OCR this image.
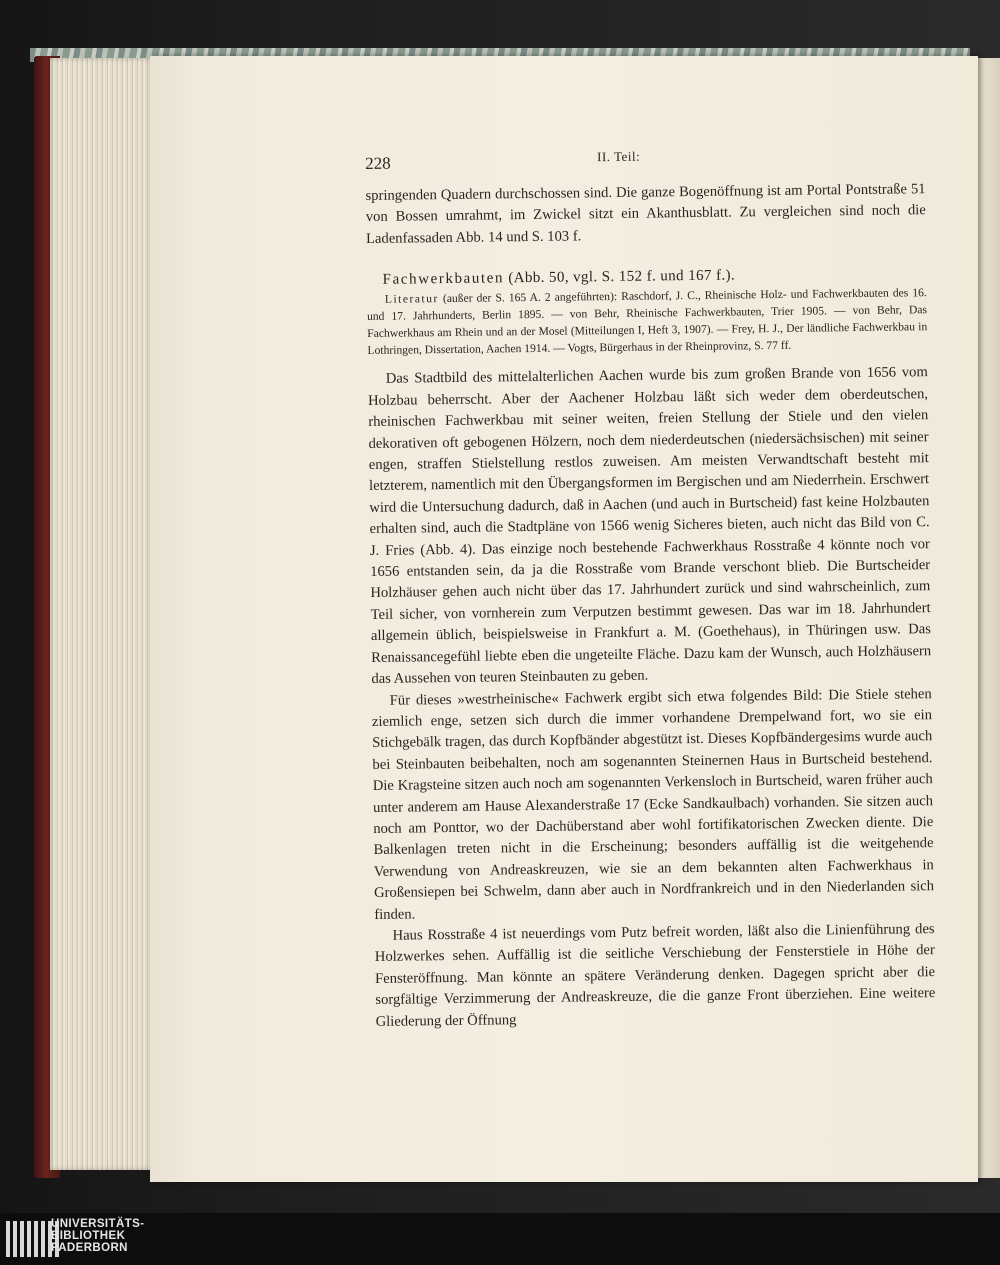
228	II. Teil:

springenden Quadern durchschossen sind. Die ganze Bogenöffnung ist am Portal Pontstraße 51 von Bossen umrahmt, im Zwickel sitzt ein Akanthusblatt. Zu vergleichen sind noch die Ladenfassaden Abb. 14 und S. 103 f.

Fachwerkbauten (Abb. 50, vgl. S. 152 f. und 167 f.).

Literatur (außer der S. 165 A. 2 angeführten): Raschdorf, J. C., Rheinische Holz- und Fachwerkbauten des 16. und 17. Jahrhunderts, Berlin 1895. — von Behr, Rheinische Fachwerkbauten, Trier 1905. — von Behr, Das Fachwerkhaus am Rhein und an der Mosel (Mitteilungen I, Heft 3, 1907). — Frey, H. J., Der ländliche Fachwerkbau in Lothringen, Dissertation, Aachen 1914. — Vogts, Bürgerhaus in der Rheinprovinz, S. 77 ff.

Das Stadtbild des mittelalterlichen Aachen wurde bis zum großen Brande von 1656 vom Holzbau beherrscht. Aber der Aachener Holzbau läßt sich weder dem oberdeutschen, rheinischen Fachwerkbau mit seiner weiten, freien Stellung der Stiele und den vielen dekorativen oft gebogenen Hölzern, noch dem niederdeutschen (niedersächsischen) mit seiner engen, straffen Stielstellung restlos zuweisen. Am meisten Verwandtschaft besteht mit letzterem, namentlich mit den Übergangsformen im Bergischen und am Niederrhein. Erschwert wird die Untersuchung dadurch, daß in Aachen (und auch in Burtscheid) fast keine Holzbauten erhalten sind, auch die Stadtpläne von 1566 wenig Sicheres bieten, auch nicht das Bild von C. J. Fries (Abb. 4). Das einzige noch bestehende Fachwerkhaus Rosstraße 4 könnte noch vor 1656 entstanden sein, da ja die Rosstraße vom Brande verschont blieb. Die Burtscheider Holzhäuser gehen auch nicht über das 17. Jahrhundert zurück und sind wahrscheinlich, zum Teil sicher, von vornherein zum Verputzen bestimmt gewesen. Das war im 18. Jahrhundert allgemein üblich, beispielsweise in Frankfurt a. M. (Goethehaus), in Thüringen usw. Das Renaissancegefühl liebte eben die ungeteilte Fläche. Dazu kam der Wunsch, auch Holzhäusern das Aussehen von teuren Steinbauten zu geben.

Für dieses »westrheinische« Fachwerk ergibt sich etwa folgendes Bild: Die Stiele stehen ziemlich enge, setzen sich durch die immer vorhandene Drempelwand fort, wo sie ein Stichgebälk tragen, das durch Kopfbänder abgestützt ist. Dieses Kopfbändergesims wurde auch bei Steinbauten beibehalten, noch am sogenannten Steinernen Haus in Burtscheid bestehend. Die Kragsteine sitzen auch noch am sogenannten Verkensloch in Burtscheid, waren früher auch unter anderem am Hause Alexanderstraße 17 (Ecke Sandkaulbach) vorhanden. Sie sitzen auch noch am Ponttor, wo der Dachüberstand aber wohl fortifikatorischen Zwecken diente. Die Balkenlagen treten nicht in die Erscheinung; besonders auffällig ist die weitgehende Verwendung von Andreaskreuzen, wie sie an dem bekannten alten Fachwerkhaus in Großensiepen bei Schwelm, dann aber auch in Nordfrankreich und in den Niederlanden sich finden.

Haus Rosstraße 4 ist neuerdings vom Putz befreit worden, läßt also die Linienführung des Holzwerkes sehen. Auffällig ist die seitliche Verschiebung der Fensterstiele in Höhe der Fensteröffnung. Man könnte an spätere Veränderung denken. Dagegen spricht aber die sorgfältige Verzimmerung der Andreaskreuze, die die ganze Front überziehen. Eine weitere Gliederung der Öffnung

UNIVERSITÄTS-
BIBLIOTHEK
PADERBORN
